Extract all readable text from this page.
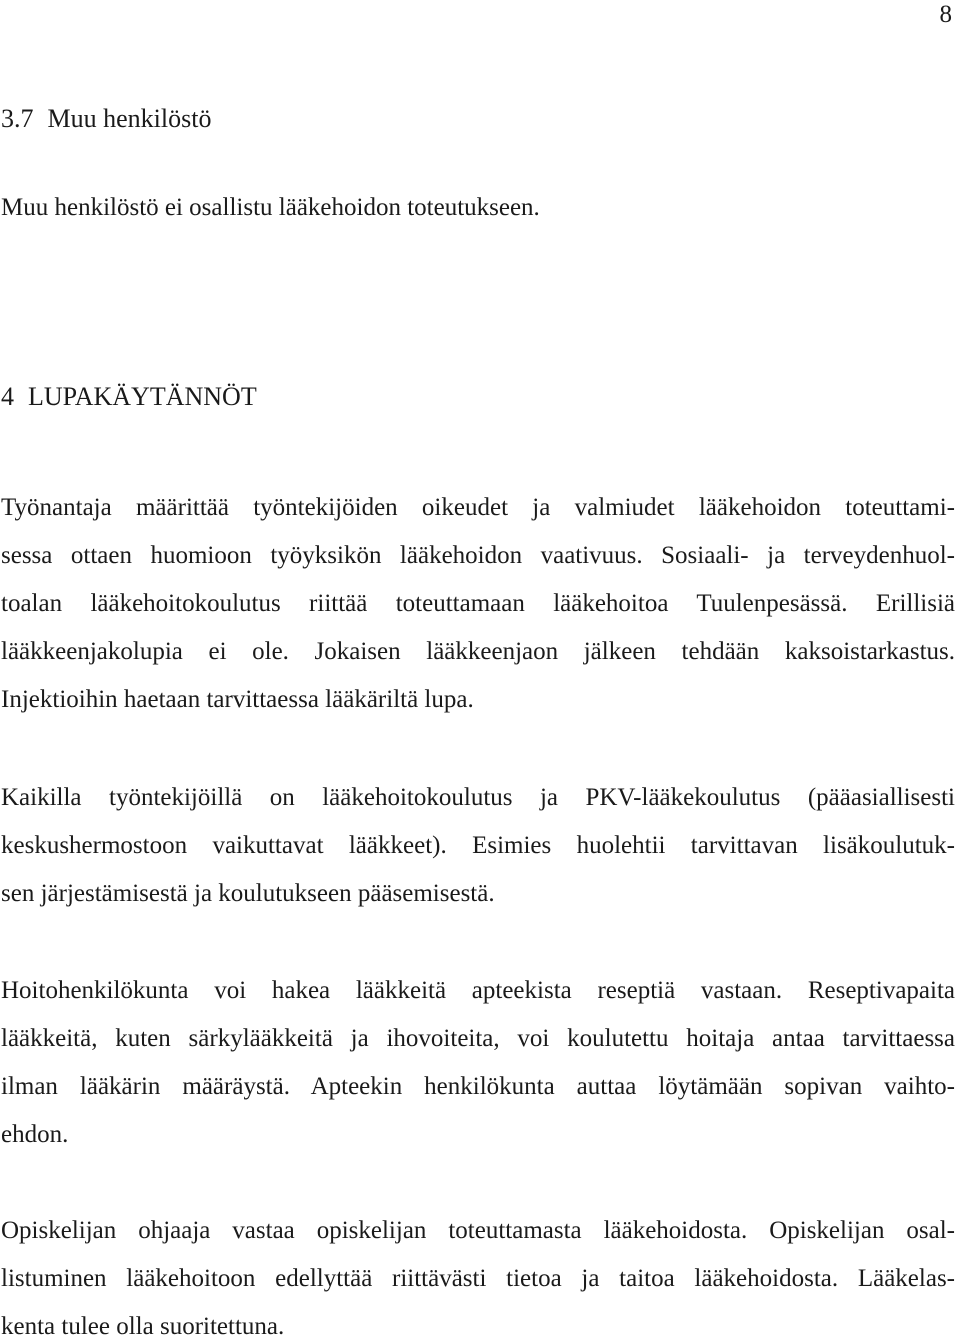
8
3.7 Muu henkilöstö
Muu henkilöstö ei osallistu lääkehoidon toteutukseen.
4 LUPAKÄYTÄNNÖT
Työnantaja määrittää työntekijöiden oikeudet ja valmiudet lääkehoidon toteuttami-
sessa ottaen huomioon työyksikön lääkehoidon vaativuus. Sosiaali- ja terveydenhuol-
toalan lääkehoitokoulutus riittää toteuttamaan lääkehoitoa Tuulenpesässä. Erillisiä
lääkkeenjakolupia ei ole. Jokaisen lääkkeenjaon jälkeen tehdään kaksoistarkastus.
Injektioihin haetaan tarvittaessa lääkäriltä lupa.
Kaikilla työntekijöillä on lääkehoitokoulutus ja PKV-lääkekoulutus (pääasiallisesti
keskushermostoon vaikuttavat lääkkeet). Esimies huolehtii tarvittavan lisäkoulutuk-
sen järjestämisestä ja koulutukseen pääsemisestä.
Hoitohenkilökunta voi hakea lääkkeitä apteekista reseptiä vastaan. Reseptivapaita
lääkkeitä, kuten särkylääkkeitä ja ihovoiteita, voi koulutettu hoitaja antaa tarvittaessa
ilman lääkärin määräystä. Apteekin henkilökunta auttaa löytämään sopivan vaihto-
ehdon.
Opiskelijan ohjaaja vastaa opiskelijan toteuttamasta lääkehoidosta. Opiskelijan osal-
listuminen lääkehoitoon edellyttää riittävästi tietoa ja taitoa lääkehoidosta. Lääkelas-
kenta tulee olla suoritettuna.
